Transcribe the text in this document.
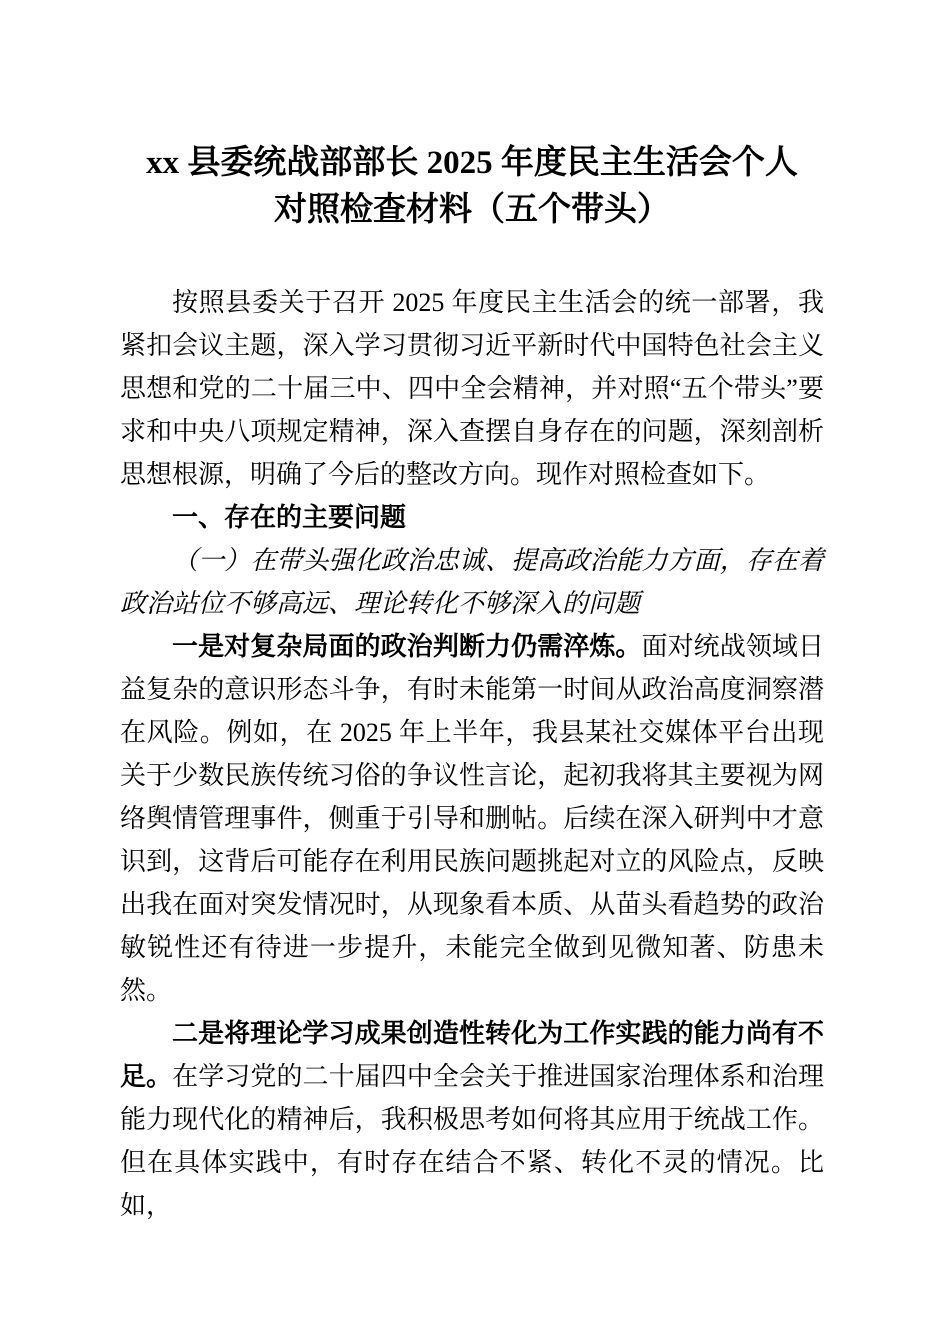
xx 县委统战部部长 2025 年度民主生活会个人
对照检查材料（五个带头）

按照县委关于召开 2025 年度民主生活会的统一部署，我紧扣会议主题，深入学习贯彻习近平新时代中国特色社会主义思想和党的二十届三中、四中全会精神，并对照“五个带头”要求和中央八项规定精神，深入查摆自身存在的问题，深刻剖析思想根源，明确了今后的整改方向。现作对照检查如下。

一、存在的主要问题

（一）在带头强化政治忠诚、提高政治能力方面，存在着政治站位不够高远、理论转化不够深入的问题

一是对复杂局面的政治判断力仍需淬炼。面对统战领域日益复杂的意识形态斗争，有时未能第一时间从政治高度洞察潜在风险。例如，在 2025 年上半年，我县某社交媒体平台出现关于少数民族传统习俗的争议性言论，起初我将其主要视为网络舆情管理事件，侧重于引导和删帖。后续在深入研判中才意识到，这背后可能存在利用民族问题挑起对立的风险点，反映出我在面对突发情况时，从现象看本质、从苗头看趋势的政治敏锐性还有待进一步提升，未能完全做到见微知著、防患未然。

二是将理论学习成果创造性转化为工作实践的能力尚有不足。在学习党的二十届四中全会关于推进国家治理体系和治理能力现代化的精神后，我积极思考如何将其应用于统战工作。但在具体实践中，有时存在结合不紧、转化不灵的情况。比如，
